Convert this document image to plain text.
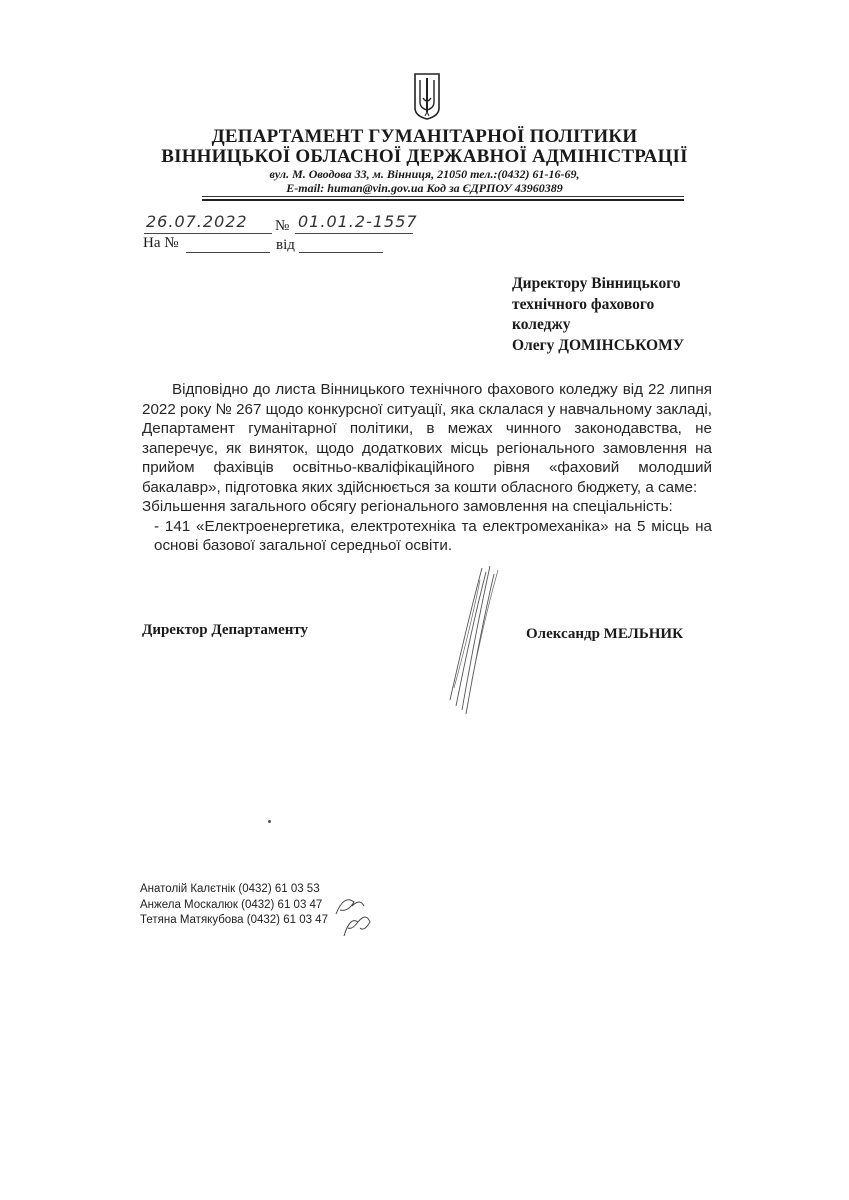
ДЕПАРТАМЕНТ ГУМАНІТАРНОЇ ПОЛІТИКИ
ВІННИЦЬКОЇ ОБЛАСНОЇ ДЕРЖАВНОЇ АДМІНІСТРАЦІЇ
вул. М. Оводова 33, м. Вінниця, 21050 тел.:(0432) 61-16-69,
E-mail: human@vin.gov.ua Код за ЄДРПОУ 43960389
26.07.2022 № 01.01.2-1557
На №	від
Директору Вінницького
технічного фахового
коледжу
Олегу ДОМІНСЬКОМУ

Відповідно до листа Вінницького технічного фахового коледжу від 22 липня 2022 року № 267 щодо конкурсної ситуації, яка склалася у навчальному закладі, Департамент гуманітарної політики, в межах чинного законодавства, не заперечує, як виняток, щодо додаткових місць регіонального замовлення на прийом фахівців освітньо-кваліфікаційного рівня «фаховий молодший бакалавр», підготовка яких здійснюється за кошти обласного бюджету, а саме:

Збільшення загального обсягу регіонального замовлення на спеціальність:

- 141 «Електроенергетика, електротехніка та електромеханіка» на 5 місць на основі базової загальної середньої освіти.

Директор Департаменту	Олександр МЕЛЬНИК
Анатолій Калєтнік (0432) 61 03 53
Анжела Москалюк (0432) 61 03 47
Тетяна Матякубова (0432) 61 03 47
